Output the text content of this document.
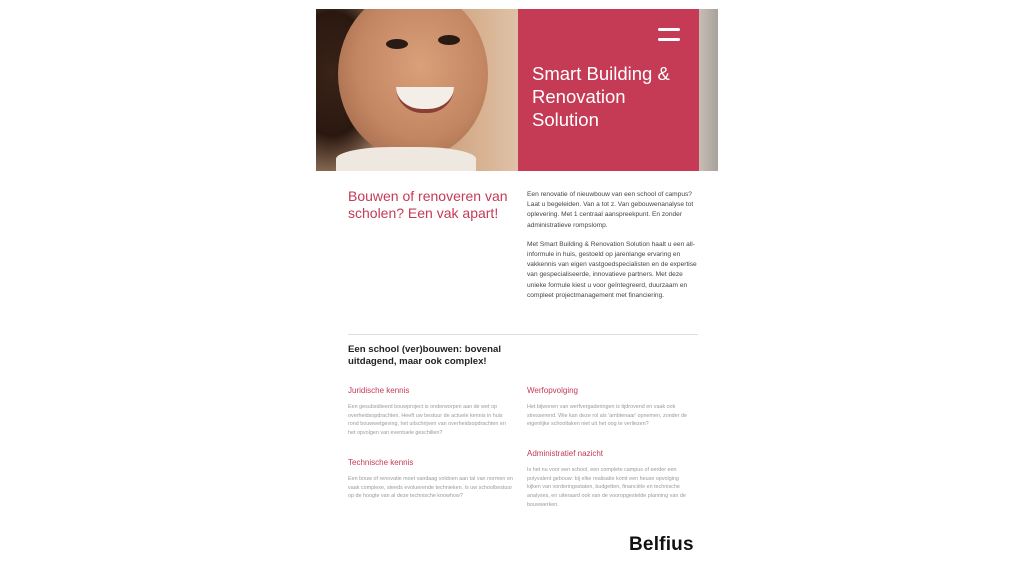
Smart Building & Renovation Solution
Bouwen of renoveren van scholen? Een vak apart!

Een renovatie of nieuwbouw van een school of campus? Laat u begeleiden. Van a tot z. Van gebouwenanalyse tot oplevering. Met 1 centraal aanspreekpunt. En zonder administratieve rompslomp.

Met Smart Building & Renovation Solution haalt u een all-informule in huis, gestoeld op jarenlange ervaring en vakkennis van eigen vastgoedspecialisten en de expertise van gespecialiseerde, innovatieve partners. Met deze unieke formule kiest u voor geïntegreerd, duurzaam en compleet projectmanagement met financiering.

Een school (ver)bouwen: bovenal uitdagend, maar ook complex!
Juridische kennis

Een gesubsidieerd bouwproject is onderworpen aan de wet op overheidsopdrachten. Heeft uw bestuur de actuele kennis in huis rond bouwwetgeving, het uitschrijven van overheidsopdrachten en het opvolgen van eventuele geschillen?

Technische kennis

Een bouw of renovatie moet vandaag voldoen aan tal van normen en vaak complexe, steeds evoluerende technieken. Is uw schoolbestuur op de hoogte van al deze technische knowhow?

Werfopvolging

Het bijwonen van werfvergaderingen is tijdrovend en vaak ook stresserend. Wie kan deze rol als 'ambtenaar' opnemen, zonder de eigenlijke schooltaken niet uit het oog te verliezen?

Administratief nazicht

Is het nu voor een school, een complete campus of eerder een polyvalent gebouw: bij elke realisatie komt een heuse opvolging kijken van vorderingsstaten, budgetten, financiële en technische analyses, en uiteraard ook van de vooropgestelde planning van de bouwwerken.

Belfius
